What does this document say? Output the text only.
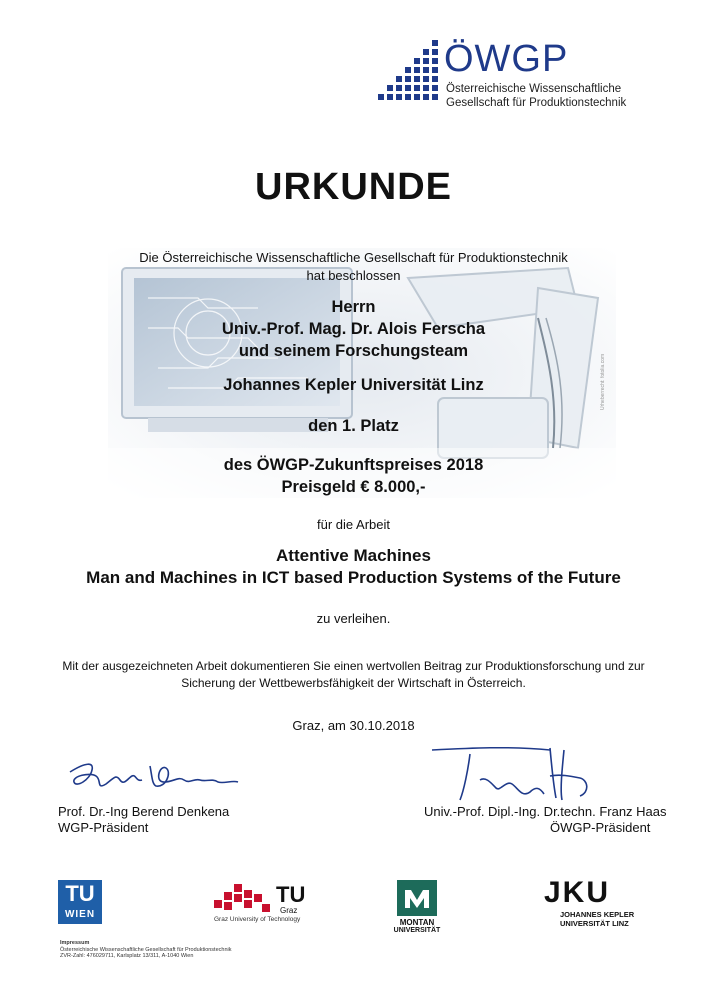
ÖWGP
Österreichische Wissenschaftliche
Gesellschaft für Produktionstechnik
URKUNDE
Urheberrecht: fotolia.com
Die Österreichische Wissenschaftliche Gesellschaft für Produktionstechnik
hat beschlossen
Herrn
Univ.-Prof. Mag. Dr. Alois Ferscha
und seinem Forschungsteam
Johannes Kepler Universität Linz
den 1. Platz
des ÖWGP-Zukunftspreises 2018
Preisgeld € 8.000,-
für die Arbeit
Attentive Machines
Man and Machines in ICT based Production Systems of the Future
zu verleihen.
Mit der ausgezeichneten Arbeit dokumentieren Sie einen wertvollen Beitrag zur Produktionsforschung und zur
Sicherung der Wettbewerbsfähigkeit der Wirtschaft in Österreich.
Graz, am 30.10.2018
Prof. Dr.-Ing Berend Denkena
WGP-Präsident
Univ.-Prof. Dipl.-Ing. Dr.techn. Franz Haas
ÖWGP-Präsident
TU
WIEN
TU
Graz
Graz University of Technology	MONTAN
UNIVERSITÄT
JKU
JOHANNES KEPLER
UNIVERSITÄT LINZ
Impressum
Österreichische Wissenschaftliche Gesellschaft für Produktionstechnik
ZVR-Zahl: 476029711, Karlsplatz 13/311, A-1040 Wien
